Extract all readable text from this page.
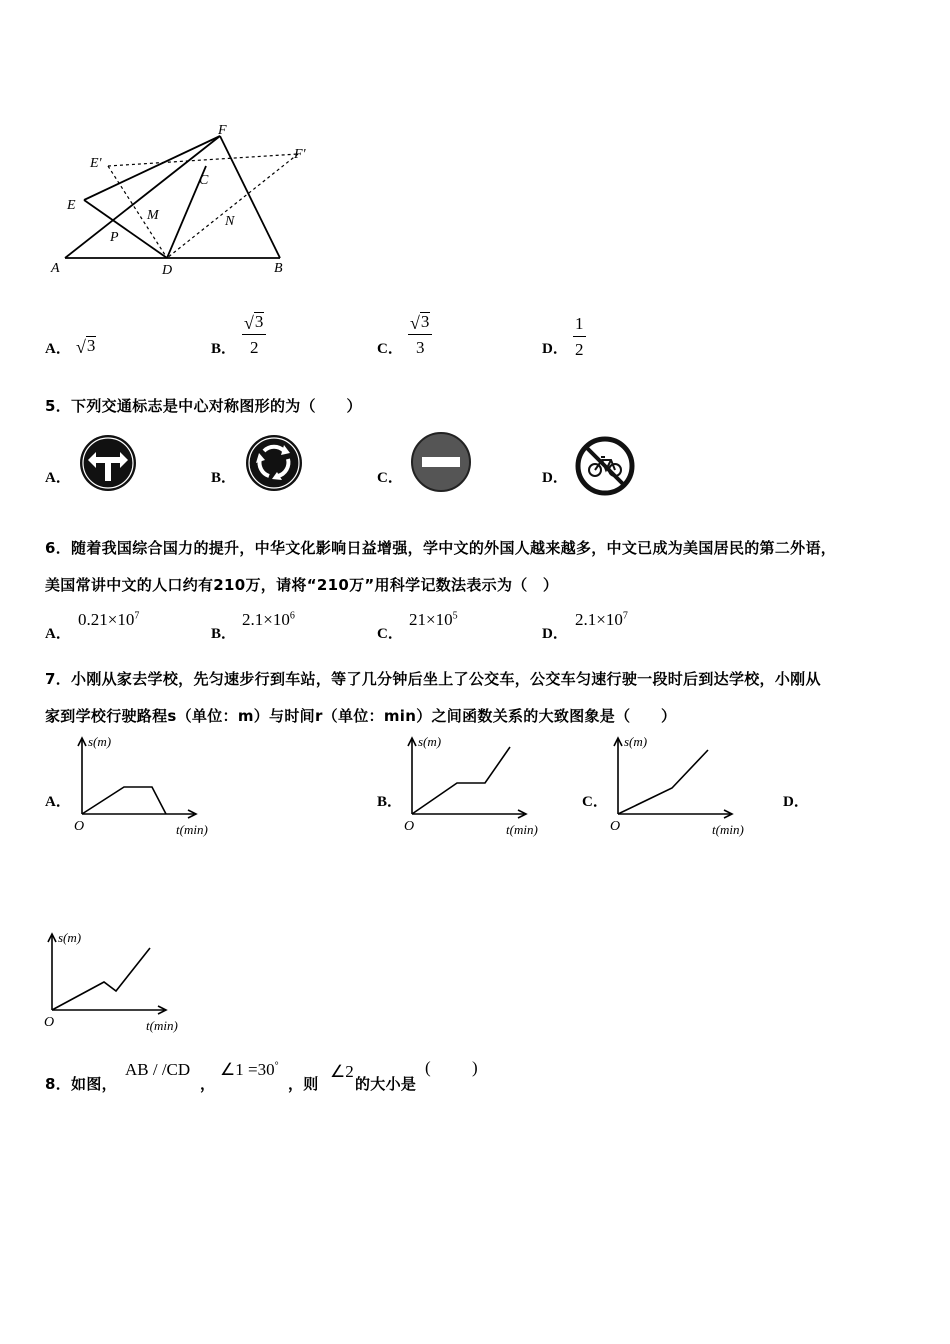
F
E'
F'
C
E
M	N
P
A	D	B
A． √ 3	B． $\frac{√ 3}{2}$	C． $\frac{√ 3}{3}$	D． $\frac{1}{2}$
5．下列交通标志是中心对称图形的为（　　）
A．	B．	C．	D．
6．随着我国综合国力的提升，中华文化影响日益增强，学中文的外国人越来越多，中文已成为美国居民的第二外语，
美国常讲中文的人口约有210万，请将“210万”用科学记数法表示为（　）
A．
$0.21\times 10^7$
B．
$2.1\times 10^6$
C．
$21\times 10^5$
D．
$2.1\times 10^7$
7．小刚从家去学校，先匀速步行到车站，等了几分钟后坐上了公交车，公交车匀速行驶一段时后到达学校，小刚从
家到学校行驶路程s（单位：m）与时间r（单位：min）之间函数关系的大致图象是（　　）
A．
s(m)
t(min)
O
B．
s(m)
t(min)
O
C．
s(m)
t(min)
O
D．
s(m)
t(min)
O
8．如图，
AB / /CD
，
∠1 =30°
，则
∠2
的大小是
( )
